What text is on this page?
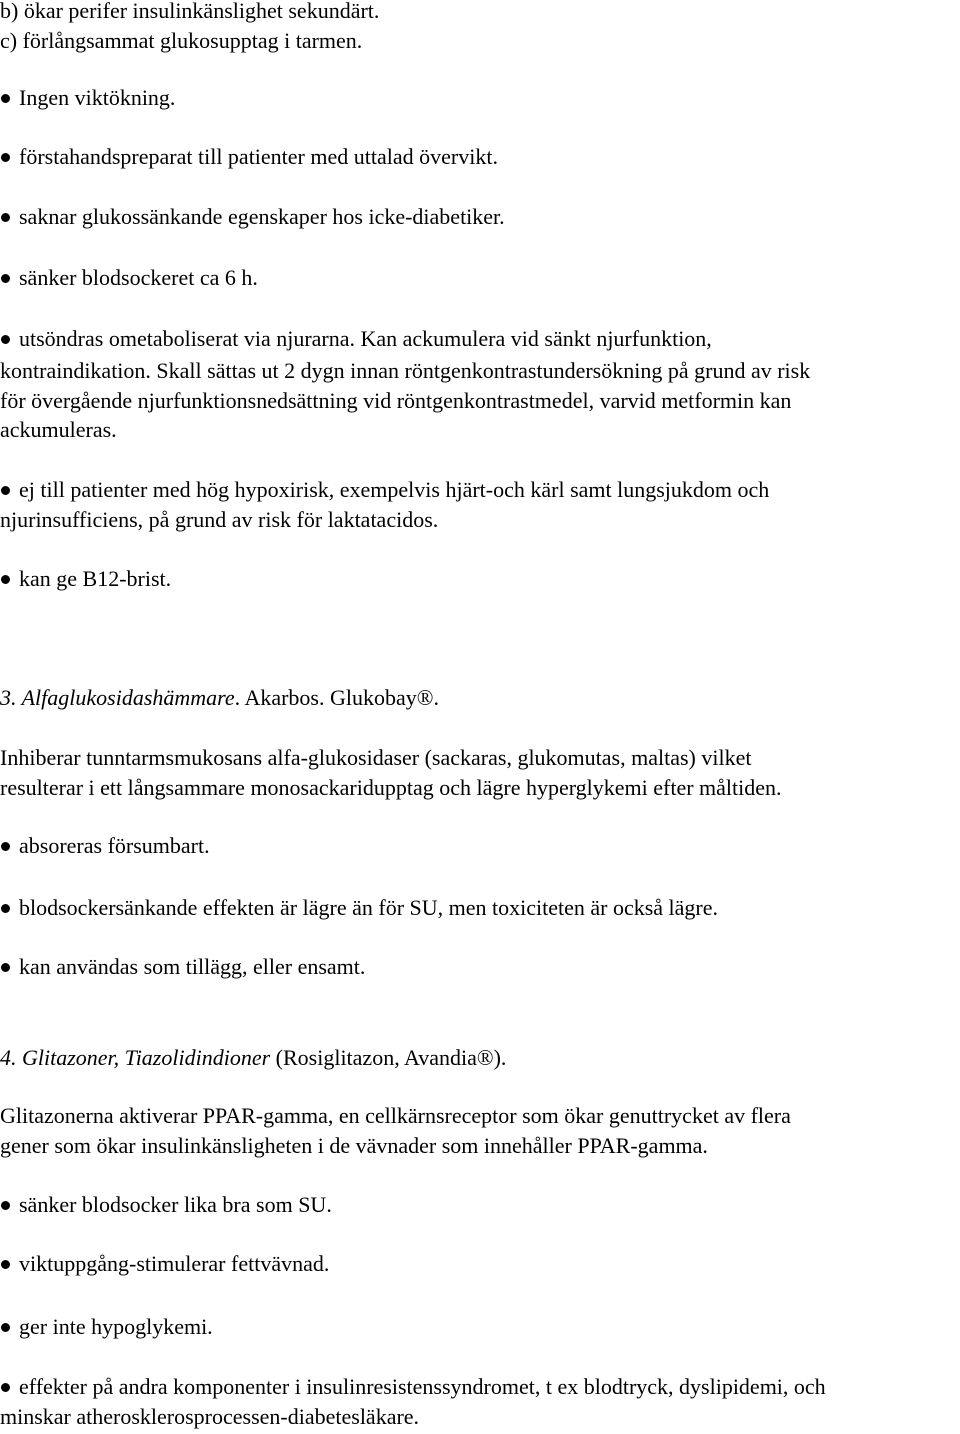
b) ökar perifer insulinkänslighet sekundärt.
c) förlångsammat glukosupptag i tarmen.
Ingen viktökning.
förstahandspreparat till patienter med uttalad övervikt.
saknar glukossänkande egenskaper hos icke-diabetiker.
sänker blodsockeret ca 6 h.
utsöndras ometaboliserat via njurarna. Kan ackumulera vid sänkt njurfunktion,
kontraindikation. Skall sättas ut 2 dygn innan röntgenkontrastundersökning på grund av risk
för övergående njurfunktionsnedsättning vid röntgenkontrastmedel, varvid metformin kan
ackumuleras.
ej till patienter med hög hypoxirisk, exempelvis hjärt-och kärl samt lungsjukdom och
njurinsufficiens, på grund av risk för laktatacidos.
kan ge B12-brist.
3. Alfaglukosidashämmare. Akarbos. Glukobay®.
Inhiberar tunntarmsmukosans alfa-glukosidaser (sackaras, glukomutas, maltas) vilket
resulterar i ett långsammare monosackaridupptag och lägre hyperglykemi efter måltiden.
absoreras försumbart.
blodsockersänkande effekten är lägre än för SU, men toxiciteten är också lägre.
kan användas som tillägg, eller ensamt.
4. Glitazoner, Tiazolidindioner (Rosiglitazon, Avandia®).
Glitazonerna aktiverar PPAR-gamma, en cellkärnsreceptor som ökar genuttrycket av flera
gener som ökar insulinkänsligheten i de vävnader som innehåller PPAR-gamma.
sänker blodsocker lika bra som SU.
viktuppgång-stimulerar fettvävnad.
ger inte hypoglykemi.
effekter på andra komponenter i insulinresistenssyndromet, t ex blodtryck, dyslipidemi, och
minskar atherosklerosprocessen-diabetesläkare.
